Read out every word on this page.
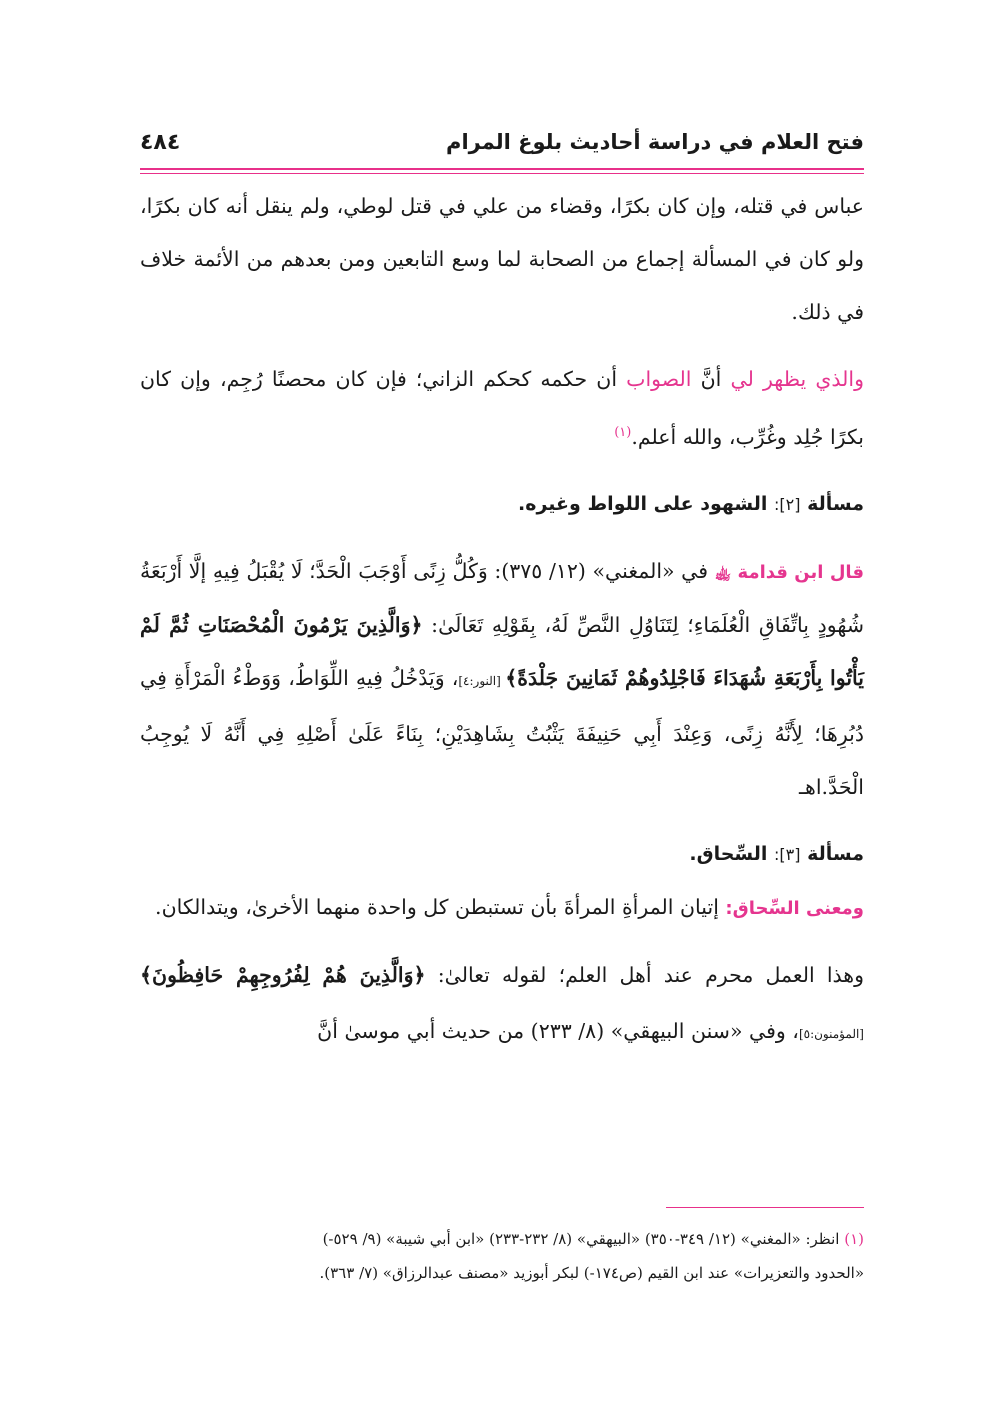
فتح العلام في دراسة أحاديث بلوغ المرام
٤٨٤

عباس في قتله، وإن كان بكرًا، وقضاء من علي في قتل لوطي، ولم ينقل أنه كان بكرًا، ولو كان في المسألة إجماع من الصحابة لما وسع التابعين ومن بعدهم من الأئمة خلاف في ذلك.

والذي يظهر لي أنَّ الصواب أن حكمه كحكم الزاني؛ فإن كان محصنًا رُجِم، وإن كان بكرًا جُلِد وغُرِّب، والله أعلم.$^{(١)}$

مسألة [٢]: الشهود على اللواط وغيره.

قال ابن قدامة ﵀ في «المغني» (١٢/ ٣٧٥): وَكُلُّ زِنًى أَوْجَبَ الْحَدَّ؛ لَا يُقْبَلُ فِيهِ إلَّا أَرْبَعَةُ شُهُودٍ بِاتِّفَاقِ الْعُلَمَاءِ؛ لِتَنَاوُلِ النَّصِّ لَهُ، بِقَوْلِهِ تَعَالَىٰ: ﴿وَالَّذِينَ يَرْمُونَ الْمُحْصَنَاتِ ثُمَّ لَمْ يَأْتُوا بِأَرْبَعَةِ شُهَدَاءَ فَاجْلِدُوهُمْ ثَمَانِينَ جَلْدَةً﴾ [النور:٤]، وَيَدْخُلُ فِيهِ اللِّوَاطُ، وَوَطْءُ الْمَرْأَةِ فِي دُبُرِهَا؛ لِأَنَّهُ زِنًى، وَعِنْدَ أَبِي حَنِيفَةَ يَثْبُتُ بِشَاهِدَيْنِ؛ بِنَاءً عَلَىٰ أَصْلِهِ فِي أَنَّهُ لَا يُوجِبُ الْحَدَّ.اهـ

مسألة [٣]: السِّحاق.

ومعنى السِّحاق: إتيان المرأةِ المرأةَ بأن تستبطن كل واحدة منهما الأخرىٰ، ويتدالكان.

وهذا العمل محرم عند أهل العلم؛ لقوله تعالىٰ: ﴿وَالَّذِينَ هُمْ لِفُرُوجِهِمْ حَافِظُونَ﴾ [المؤمنون:٥]، وفي «سنن البيهقي» (٨/ ٢٣٣) من حديث أبي موسىٰ أنَّ

(١) انظر: «المغني» (١٢/ ٣٤٩-٣٥٠) «البيهقي» (٨/ ٢٣٢-٢٣٣) «ابن أبي شيبة» (٩/ ٥٢٩-)
«الحدود والتعزيرات» عند ابن القيم (ص١٧٤-) لبكر أبوزيد «مصنف عبدالرزاق» (٧/ ٣٦٣).
